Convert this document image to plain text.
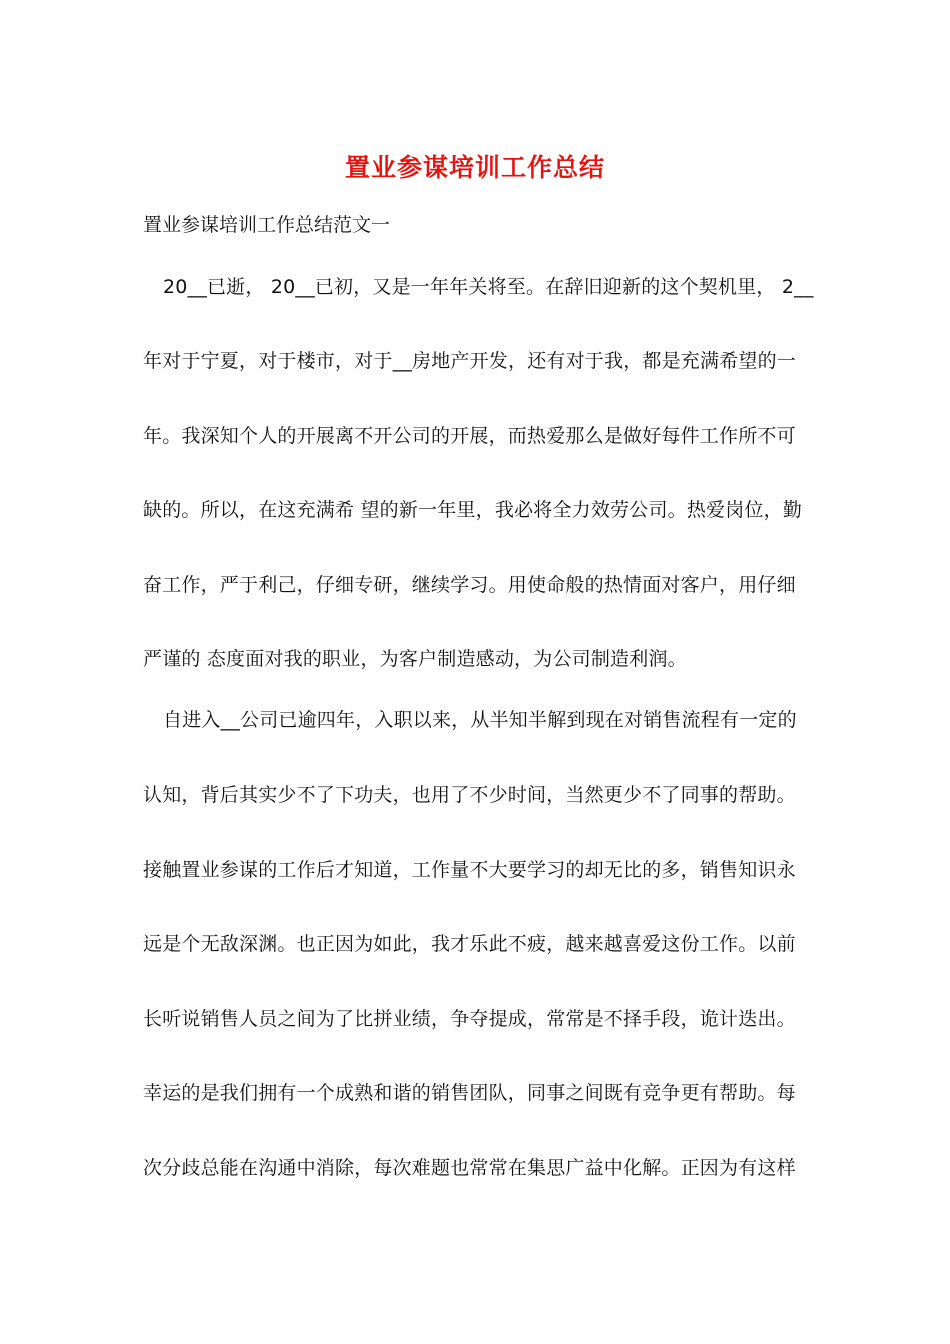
置业参谋培训工作总结
置业参谋培训工作总结范文一
20__已逝， 20__已初，又是一年年关将至。在辞旧迎新的这个契机里， 2__
年对于宁夏，对于楼市，对于__房地产开发，还有对于我，都是充满希望的一
年。我深知个人的开展离不开公司的开展，而热爱那么是做好每件工作所不可
缺的。所以，在这充满希 望的新一年里，我必将全力效劳公司。热爱岗位，勤
奋工作，严于利己，仔细专研，继续学习。用使命般的热情面对客户，用仔细
严谨的 态度面对我的职业，为客户制造感动，为公司制造利润。
自进入__公司已逾四年，入职以来，从半知半解到现在对销售流程有一定的
认知，背后其实少不了下功夫，也用了不少时间，当然更少不了同事的帮助。
接触置业参谋的工作后才知道，工作量不大要学习的却无比的多，销售知识永
远是个无敌深渊。也正因为如此，我才乐此不疲，越来越喜爱这份工作。以前
长听说销售人员之间为了比拼业绩，争夺提成，常常是不择手段，诡计迭出。
幸运的是我们拥有一个成熟和谐的销售团队，同事之间既有竞争更有帮助。每
次分歧总能在沟通中消除，每次难题也常常在集思广益中化解。正因为有这样
